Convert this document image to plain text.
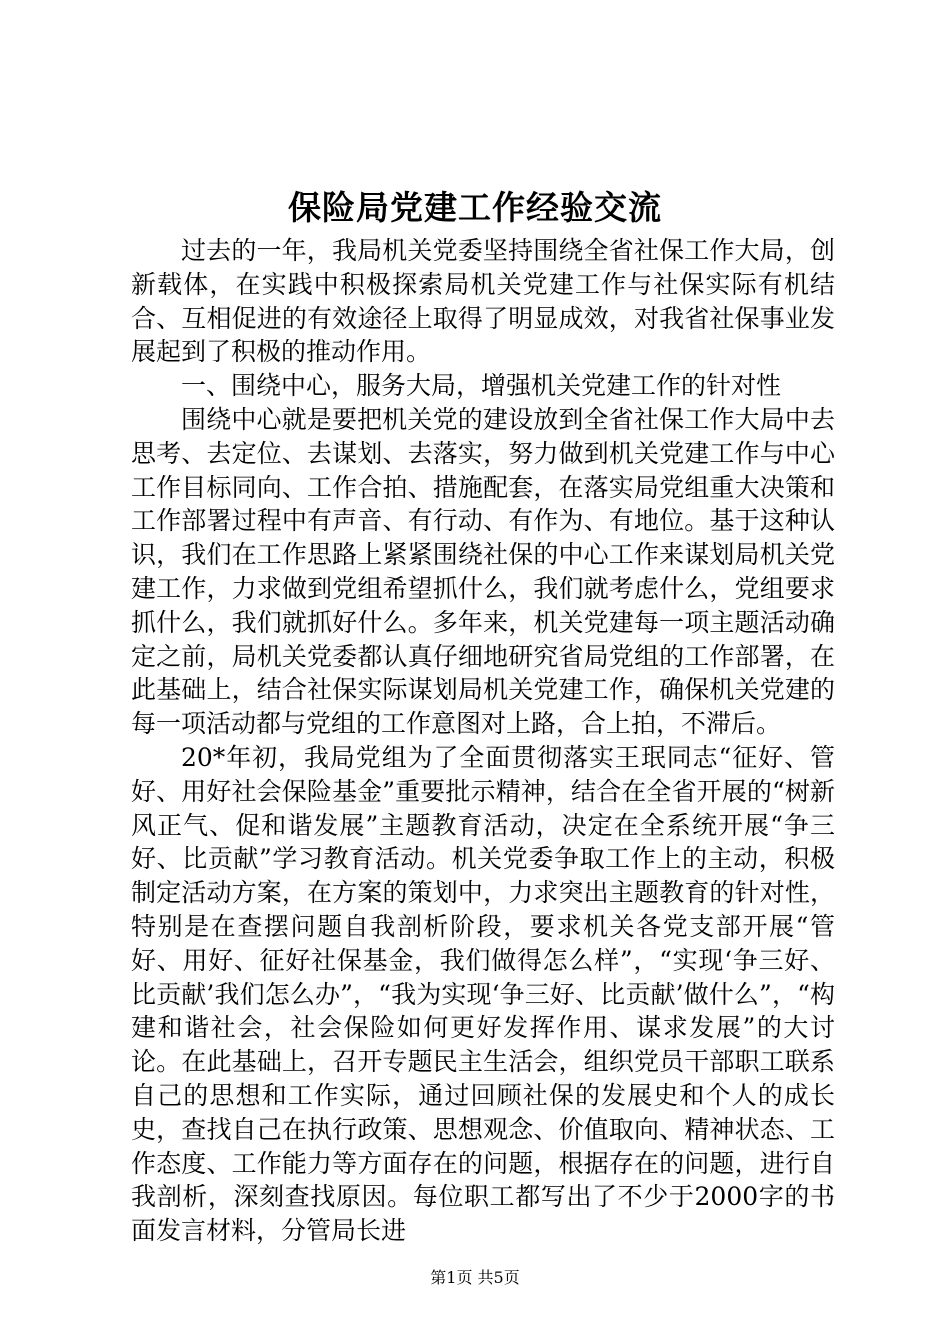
保险局党建工作经验交流

过去的一年，我局机关党委坚持围绕全省社保工作大局，创新载体，在实践中积极探索局机关党建工作与社保实际有机结合、互相促进的有效途径上取得了明显成效，对我省社保事业发展起到了积极的推动作用。

一、围绕中心，服务大局，增强机关党建工作的针对性

围绕中心就是要把机关党的建设放到全省社保工作大局中去思考、去定位、去谋划、去落实，努力做到机关党建工作与中心工作目标同向、工作合拍、措施配套，在落实局党组重大决策和工作部署过程中有声音、有行动、有作为、有地位。基于这种认识，我们在工作思路上紧紧围绕社保的中心工作来谋划局机关党建工作，力求做到党组希望抓什么，我们就考虑什么，党组要求抓什么，我们就抓好什么。多年来，机关党建每一项主题活动确定之前，局机关党委都认真仔细地研究省局党组的工作部署，在此基础上，结合社保实际谋划局机关党建工作，确保机关党建的每一项活动都与党组的工作意图对上路，合上拍，不滞后。

20*年初，我局党组为了全面贯彻落实王珉同志“征好、管好、用好社会保险基金”重要批示精神，结合在全省开展的“树新风正气、促和谐发展”主题教育活动，决定在全系统开展“争三好、比贡献”学习教育活动。机关党委争取工作上的主动，积极制定活动方案，在方案的策划中，力求突出主题教育的针对性，特别是在查摆问题自我剖析阶段，要求机关各党支部开展“管好、用好、征好社保基金，我们做得怎么样”，“实现‘争三好、比贡献’我们怎么办”，“我为实现‘争三好、比贡献’做什么”，“构建和谐社会，社会保险如何更好发挥作用、谋求发展”的大讨论。在此基础上，召开专题民主生活会，组织党员干部职工联系自己的思想和工作实际，通过回顾社保的发展史和个人的成长史，查找自己在执行政策、思想观念、价值取向、精神状态、工作态度、工作能力等方面存在的问题，根据存在的问题，进行自我剖析，深刻查找原因。每位职工都写出了不少于2000字的书面发言材料，分管局长进

第1页 共5页
